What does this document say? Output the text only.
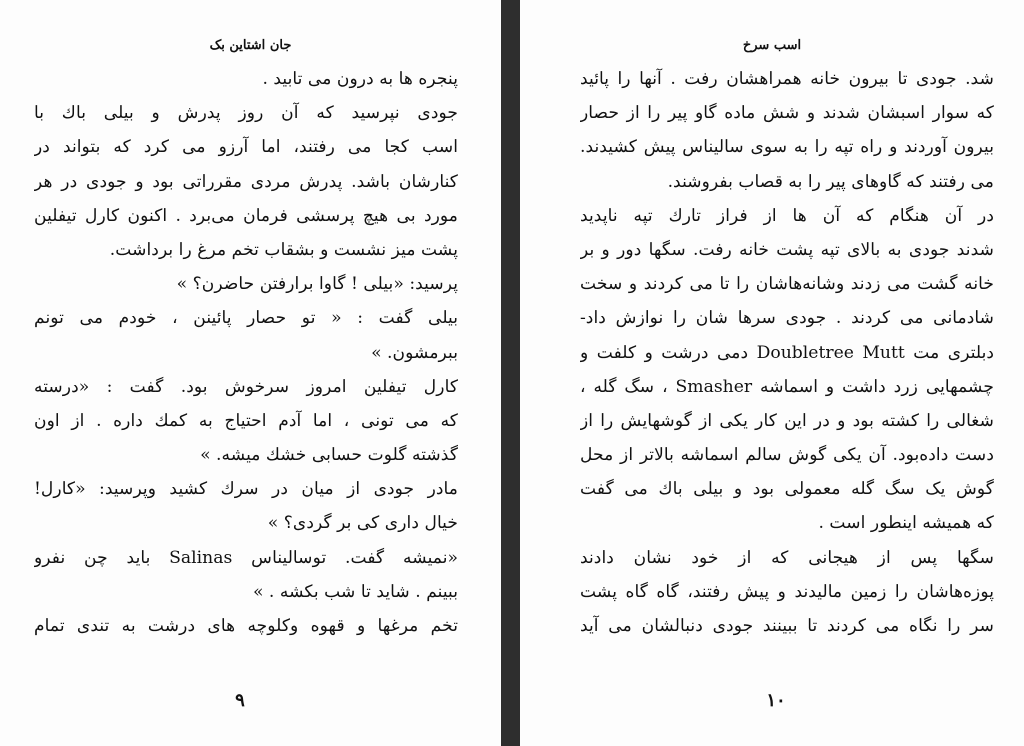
جان اشتاین بک
پنجره ها به درون می تابید .
جودی نپرسید که آن روز پدرش و بیلی باك با
اسب کجا می رفتند، اما آرزو می کرد که بتواند در
کنارشان باشد. پدرش مردی مقرراتی بود و جودی در هر
مورد بی هیچ پرسشی فرمان می‌برد . اکنون کارل تیفلین
پشت میز نشست و بشقاب تخم مرغ را برداشت.
پرسید: «بیلی ! گاوا برارفتن حاضرن؟ »
بیلی گفت : « تو حصار پائینن ، خودم می تونم
ببرمشون. »
کارل تیفلین امروز سرخوش بود. گفت : «درسته
که می تونی ، اما آدم احتیاج به کمك داره . از اون
گذشته گلوت حسابی خشك میشه. »
مادر جودی از میان در سرك کشید وپرسید: «کارل!
خیال داری کی بر گردی؟ »
«نمیشه گفت. توسالیناس Salinas باید چن نفرو
ببینم . شاید تا شب بکشه . »
تخم مرغها و قهوه وکلوچه های درشت به تندی تمام
٩
اسب سرخ
شد. جودی تا بیرون خانه همراهشان رفت . آنها را پائید
که سوار اسبشان شدند و شش ماده گاو پیر را از حصار
بیرون آوردند و راه تپه را به سوی سالیناس پیش کشیدند.
می رفتند که گاوهای پیر را به قصاب بفروشند.
در آن هنگام که آن ها از فراز تارك تپه ناپدید
شدند جودی به بالای تپه پشت خانه رفت. سگها دور و بر
خانه گشت می زدند وشانه‌هاشان را تا می کردند و سخت
شادمانی می کردند . جودی سرها شان را نوازش داد-
دبلتری مت Doubletree Mutt دمی درشت و کلفت و
چشمهایی زرد داشت و اسماشه Smasher ، سگ گله ،
شغالی را کشته بود و در این کار یکی از گوشهایش را از
دست داده‌بود. آن یکی گوش سالم اسماشه بالاتر از محل
گوش یک سگ گله معمولی بود و بیلی باك می گفت
که همیشه اینطور است .
سگها پس از هیجانی که از خود نشان دادند
پوزه‌هاشان را زمین مالیدند و پیش رفتند، گاه گاه پشت
سر را نگاه می کردند تا ببینند جودی دنبالشان می آید
١٠
